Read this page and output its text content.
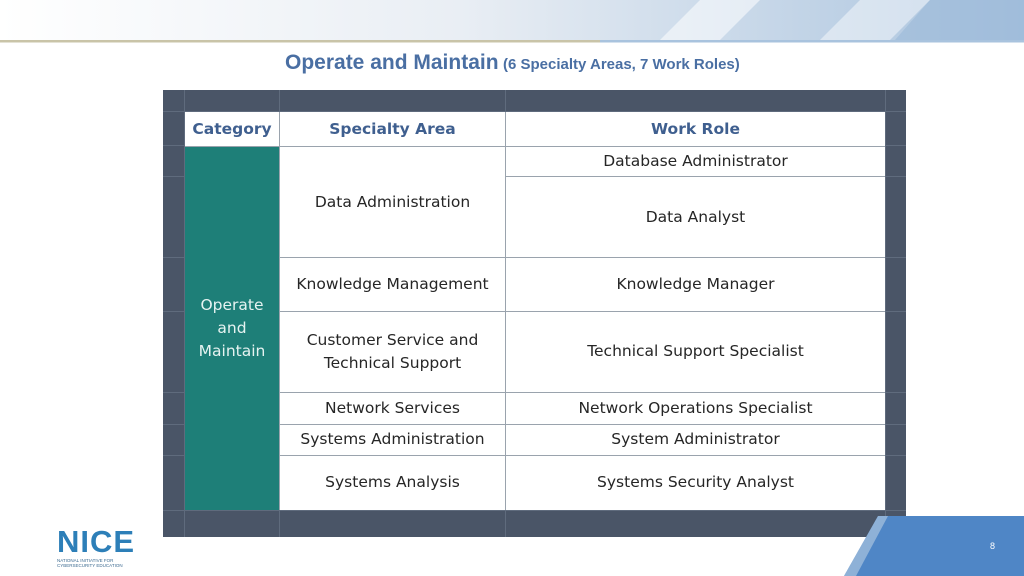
Operate and Maintain (6 Specialty Areas, 7 Work Roles)
Category	Specialty Area	Work Role
Operate and Maintain
Data Administration
Knowledge Management
Customer Service and Technical Support
Network Services
Systems Administration
Systems Analysis
Database Administrator
Data Analyst
Knowledge Manager
Technical Support Specialist
Network Operations Specialist
System Administrator
Systems Security Analyst
8
NICE
NATIONAL INITIATIVE FOR CYBERSECURITY EDUCATION
